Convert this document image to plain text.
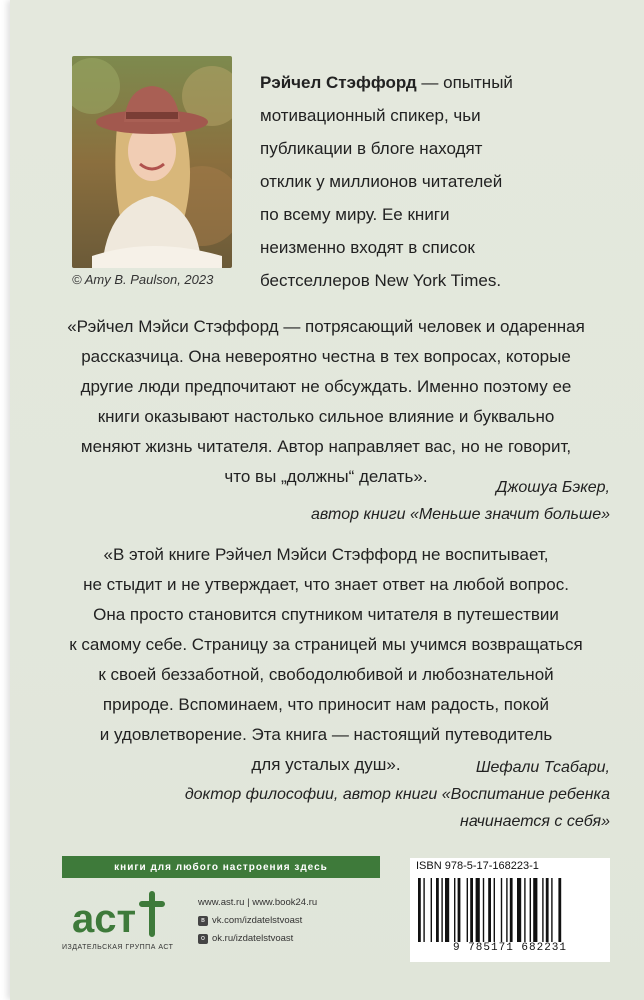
© Amy B. Paulson, 2023
Рэйчел Стэффорд — опытный
мотивационный спикер, чьи
публикации в блоге находят
отклик у миллионов читателей
по всему миру. Ее книги
неизменно входят в список
бестселлеров New York Times.
«Рэйчел Мэйси Стэффорд — потрясающий человек и одаренная
рассказчица. Она невероятно честна в тех вопросах, которые
другие люди предпочитают не обсуждать. Именно поэтому ее
книги оказывают настолько сильное влияние и буквально
меняют жизнь читателя. Автор направляет вас, но не говорит,
что вы „должны“ делать».
Джошуа Бэкер,
автор книги «Меньше значит больше»
«В этой книге Рэйчел Мэйси Стэффорд не воспитывает,
не стыдит и не утверждает, что знает ответ на любой вопрос.
Она просто становится спутником читателя в путешествии
к самому себе. Страницу за страницей мы учимся возвращаться
к своей беззаботной, свободолюбивой и любознательной
природе. Вспоминаем, что приносит нам радость, покой
и удовлетворение. Эта книга — настоящий путеводитель
для усталых душ».	Шефали Тсабари,
доктор философии, автор книги «Воспитание ребенка
начинается с себя»
книги для любого настроения здесь
аст
ИЗДАТЕЛЬСКАЯ ГРУППА АСТ
www.ast.ru | www.book24.ru
в vk.com/izdatelstvoast
о ok.ru/izdatelstvoast
ISBN 978-5-17-168223-1
9 785171 682231
